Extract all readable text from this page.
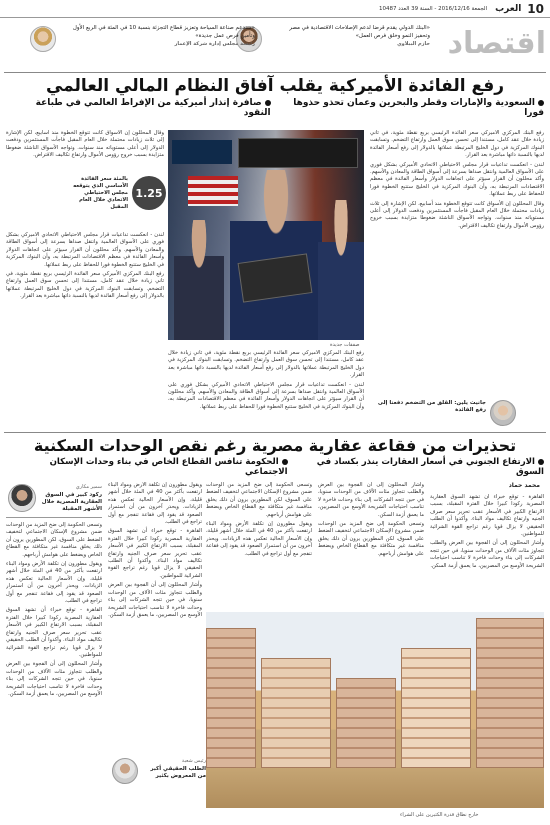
10
العرب
الجمعة 2016/12/16 - السنة 39 العدد 10487
اقتصاد
«البنك الدولي يقدم قرضا لدعم الإصلاحات الاقتصادية في مصر وتحفيز النمو وخلق فرص العمل»
حازم الببلاوي
«سندعم صناعة السياحة وتعزيز قطاع التجزئة بنسبة 10 في المئة في الربع الأول وتأمين فرص عمل جديدة»
رئيسة مجلس إدارة شركة الإعمار
رفع الفائدة الأميركية يقلب آفاق النظام المالي العالمي
السعودية والإمارات وقطر والبحرين وعمان تحذو حذوها فورا
صافرة إنذار أميركية من الإفراط العالمي في طباعة النقود

رفع البنك المركزي الأميركي سعر الفائدة الرئيسي بربع نقطة مئوية، في ثاني زيادة خلال عقد كامل، مستندا إلى تحسن سوق العمل وارتفاع التضخم. وتسابقت البنوك المركزية في دول الخليج المرتبطة عملاتها بالدولار إلى رفع أسعار الفائدة لديها بالنسبة ذاتها مباشرة بعد القرار.

لندن - انعكست تداعيات قرار مجلس الاحتياطي الاتحادي الأميركي بشكل فوري على الأسواق العالمية وانتقل صداها بسرعة إلى أسواق الطاقة والمعادن والأسهم. وأكد محللون أن القرار سيؤثر على اتجاهات الدولار وأسعار الفائدة في معظم الاقتصادات المرتبطة به، وأن البنوك المركزية في الخليج ستتبع الخطوة فورا للحفاظ على ربط عملاتها.

وقال المحللون إن الأسواق كانت تتوقع الخطوة منذ أسابيع، لكن الإشارة إلى ثلاث زيادات محتملة خلال العام المقبل فاجأت المستثمرين ودفعت الدولار إلى أعلى مستوياته منذ سنوات. وتواجه الأسواق الناشئة ضغوطا متزايدة بسبب خروج رؤوس الأموال وارتفاع تكاليف الاقتراض.

صفقات جديدة

وقال المحللون إن الأسواق كانت تتوقع الخطوة منذ أسابيع، لكن الإشارة إلى ثلاث زيادات محتملة خلال العام المقبل فاجأت المستثمرين ودفعت الدولار إلى أعلى مستوياته منذ سنوات. وتواجه الأسواق الناشئة ضغوطا متزايدة بسبب خروج رؤوس الأموال وارتفاع تكاليف الاقتراض.

1.25
بالمئة سعر الفائدة الأساسي الذي يتوقعه مجلس الاحتياطي الاتحادي خلال العام المقبل

لندن - انعكست تداعيات قرار مجلس الاحتياطي الاتحادي الأميركي بشكل فوري على الأسواق العالمية وانتقل صداها بسرعة إلى أسواق الطاقة والمعادن والأسهم. وأكد محللون أن القرار سيؤثر على اتجاهات الدولار وأسعار الفائدة في معظم الاقتصادات المرتبطة به، وأن البنوك المركزية في الخليج ستتبع الخطوة فورا للحفاظ على ربط عملاتها.

رفع البنك المركزي الأميركي سعر الفائدة الرئيسي بربع نقطة مئوية، في ثاني زيادة خلال عقد كامل، مستندا إلى تحسن سوق العمل وارتفاع التضخم. وتسابقت البنوك المركزية في دول الخليج المرتبطة عملاتها بالدولار إلى رفع أسعار الفائدة لديها بالنسبة ذاتها مباشرة بعد القرار.

رفع البنك المركزي الأميركي سعر الفائدة الرئيسي بربع نقطة مئوية، في ثاني زيادة خلال عقد كامل، مستندا إلى تحسن سوق العمل وارتفاع التضخم. وتسابقت البنوك المركزية في دول الخليج المرتبطة عملاتها بالدولار إلى رفع أسعار الفائدة لديها بالنسبة ذاتها مباشرة بعد القرار.

لندن - انعكست تداعيات قرار مجلس الاحتياطي الاتحادي الأميركي بشكل فوري على الأسواق العالمية وانتقل صداها بسرعة إلى أسواق الطاقة والمعادن والأسهم. وأكد محللون أن القرار سيؤثر على اتجاهات الدولار وأسعار الفائدة في معظم الاقتصادات المرتبطة به، وأن البنوك المركزية في الخليج ستتبع الخطوة فورا للحفاظ على ربط عملاتها.

جانيت يلين: القلق من التضخم دفعنا إلى رفع الفائدة
تحذيرات من فقاعة عقارية مصرية رغم نقص الوحدات السكنية
الارتفاع الجنوني في أسعار العقارات ينذر بكساد في السوق
الحكومة تنافس القطاع الخاص في بناء وحدات الإسكان الاجتماعي
محمد حماد

القاهرة - توقع خبراء أن تشهد السوق العقارية المصرية ركودا كبيرا خلال الفترة المقبلة، بسبب الارتفاع الكبير في الأسعار عقب تحرير سعر صرف الجنيه وارتفاع تكاليف مواد البناء. وأكدوا أن الطلب الحقيقي لا يزال قويا رغم تراجع القوة الشرائية للمواطنين.

وأشار المحللون إلى أن الفجوة بين العرض والطلب تتجاوز مئات الآلاف من الوحدات سنويا، في حين تتجه الشركات إلى بناء وحدات فاخرة لا تناسب احتياجات الشريحة الأوسع من المصريين، ما يعمق أزمة السكن.

وأشار المحللون إلى أن الفجوة بين العرض والطلب تتجاوز مئات الآلاف من الوحدات سنويا، في حين تتجه الشركات إلى بناء وحدات فاخرة لا تناسب احتياجات الشريحة الأوسع من المصريين، ما يعمق أزمة السكن.

وتسعى الحكومة إلى ضخ المزيد من الوحدات ضمن مشروع الإسكان الاجتماعي لتخفيف الضغط على السوق، لكن المطورين يرون أن ذلك يخلق منافسة غير متكافئة مع القطاع الخاص ويضغط على هوامش أرباحهم.

وتسعى الحكومة إلى ضخ المزيد من الوحدات ضمن مشروع الإسكان الاجتماعي لتخفيف الضغط على السوق، لكن المطورين يرون أن ذلك يخلق منافسة غير متكافئة مع القطاع الخاص ويضغط على هوامش أرباحهم.

ويقول مطورون إن تكلفة الأرض ومواد البناء ارتفعت بأكثر من 40 في المئة خلال أشهر قليلة، وإن الأسعار الحالية تعكس هذه الزيادات. ويحذر آخرون من أن استمرار الصعود قد يقود إلى فقاعة تنفجر مع أول تراجع في الطلب.

ويقول مطورون إن تكلفة الأرض ومواد البناء ارتفعت بأكثر من 40 في المئة خلال أشهر قليلة، وإن الأسعار الحالية تعكس هذه الزيادات. ويحذر آخرون من أن استمرار الصعود قد يقود إلى فقاعة تنفجر مع أول تراجع في الطلب.

القاهرة - توقع خبراء أن تشهد السوق العقارية المصرية ركودا كبيرا خلال الفترة المقبلة، بسبب الارتفاع الكبير في الأسعار عقب تحرير سعر صرف الجنيه وارتفاع تكاليف مواد البناء. وأكدوا أن الطلب الحقيقي لا يزال قويا رغم تراجع القوة الشرائية للمواطنين.

وأشار المحللون إلى أن الفجوة بين العرض والطلب تتجاوز مئات الآلاف من الوحدات سنويا، في حين تتجه الشركات إلى بناء وحدات فاخرة لا تناسب احتياجات الشريحة الأوسع من المصريين، ما يعمق أزمة السكن.

سمير مكاري
ركود كبير في السوق العقارية المصرية خلال الأشهر المقبلة

وتسعى الحكومة إلى ضخ المزيد من الوحدات ضمن مشروع الإسكان الاجتماعي لتخفيف الضغط على السوق، لكن المطورين يرون أن ذلك يخلق منافسة غير متكافئة مع القطاع الخاص ويضغط على هوامش أرباحهم.

ويقول مطورون إن تكلفة الأرض ومواد البناء ارتفعت بأكثر من 40 في المئة خلال أشهر قليلة، وإن الأسعار الحالية تعكس هذه الزيادات. ويحذر آخرون من أن استمرار الصعود قد يقود إلى فقاعة تنفجر مع أول تراجع في الطلب.

القاهرة - توقع خبراء أن تشهد السوق العقارية المصرية ركودا كبيرا خلال الفترة المقبلة، بسبب الارتفاع الكبير في الأسعار عقب تحرير سعر صرف الجنيه وارتفاع تكاليف مواد البناء. وأكدوا أن الطلب الحقيقي لا يزال قويا رغم تراجع القوة الشرائية للمواطنين.

وأشار المحللون إلى أن الفجوة بين العرض والطلب تتجاوز مئات الآلاف من الوحدات سنويا، في حين تتجه الشركات إلى بناء وحدات فاخرة لا تناسب احتياجات الشريحة الأوسع من المصريين، ما يعمق أزمة السكن.

رئيس شعبة
الطلب الحقيقي أكبر من المعروض بكثير
خارج نطاق قدرة الكثيرين على الشراء
